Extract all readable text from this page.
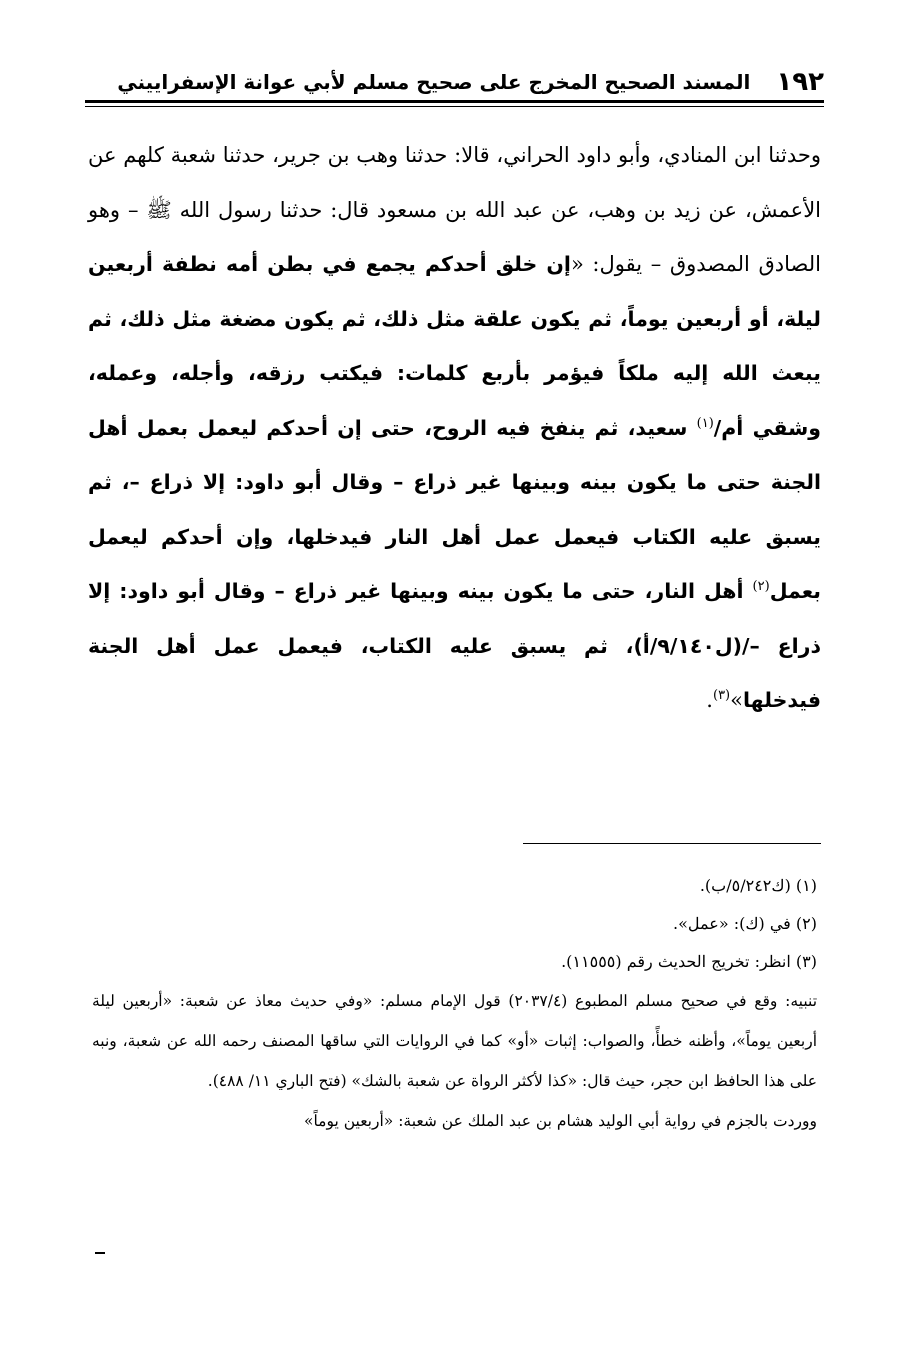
١٩٢
المسند الصحيح المخرج على صحيح مسلم لأبي عوانة الإسفراييني
وحدثنا ابن المنادي، وأبو داود الحراني، قالا: حدثنا وهب بن جرير، حدثنا شعبة كلهم عن الأعمش، عن زيد بن وهب، عن عبد الله بن مسعود قال: حدثنا رسول الله ﷺ – وهو الصادق المصدوق – يقول: «إن خلق أحدكم يجمع في بطن أمه نطفة أربعين ليلة، أو أربعين يوماً، ثم يكون علقة مثل ذلك، ثم يكون مضغة مثل ذلك، ثم يبعث الله إليه ملكاً فيؤمر بأربع كلمات: فيكتب رزقه، وأجله، وعمله، وشقي أم/$^{(١)}$ سعيد، ثم ينفخ فيه الروح، حتى إن أحدكم ليعمل بعمل أهل الجنة حتى ما يكون بينه وبينها غير ذراع – وقال أبو داود: إلا ذراع –، ثم يسبق عليه الكتاب فيعمل عمل أهل النار فيدخلها، وإن أحدكم ليعمل بعمل$^{(٢)}$ أهل النار، حتى ما يكون بينه وبينها غير ذراع – وقال أبو داود: إلا ذراع –/(ل٩/١٤٠/أ)، ثم يسبق عليه الكتاب، فيعمل عمل أهل الجنة فيدخلها»$^{(٣)}$.

(١) (ك٥/٢٤٢/ب).

(٢) في (ك): «عمل».

(٣) انظر: تخريج الحديث رقم (١١٥٥٥).

تنبيه: وقع في صحيح مسلم المطبوع (٢٠٣٧/٤) قول الإمام مسلم: «وفي حديث معاذ عن شعبة: «أربعين ليلة أربعين يوماً»، وأظنه خطأً، والصواب: إثبات «أو» كما في الروايات التي ساقها المصنف رحمه الله عن شعبة، ونبه على هذا الحافظ ابن حجر، حيث قال: «كذا لأكثر الرواة عن شعبة بالشك» (فتح الباري ١١/ ٤٨٨).

ووردت بالجزم في رواية أبي الوليد هشام بن عبد الملك عن شعبة: «أربعين يوماً»
